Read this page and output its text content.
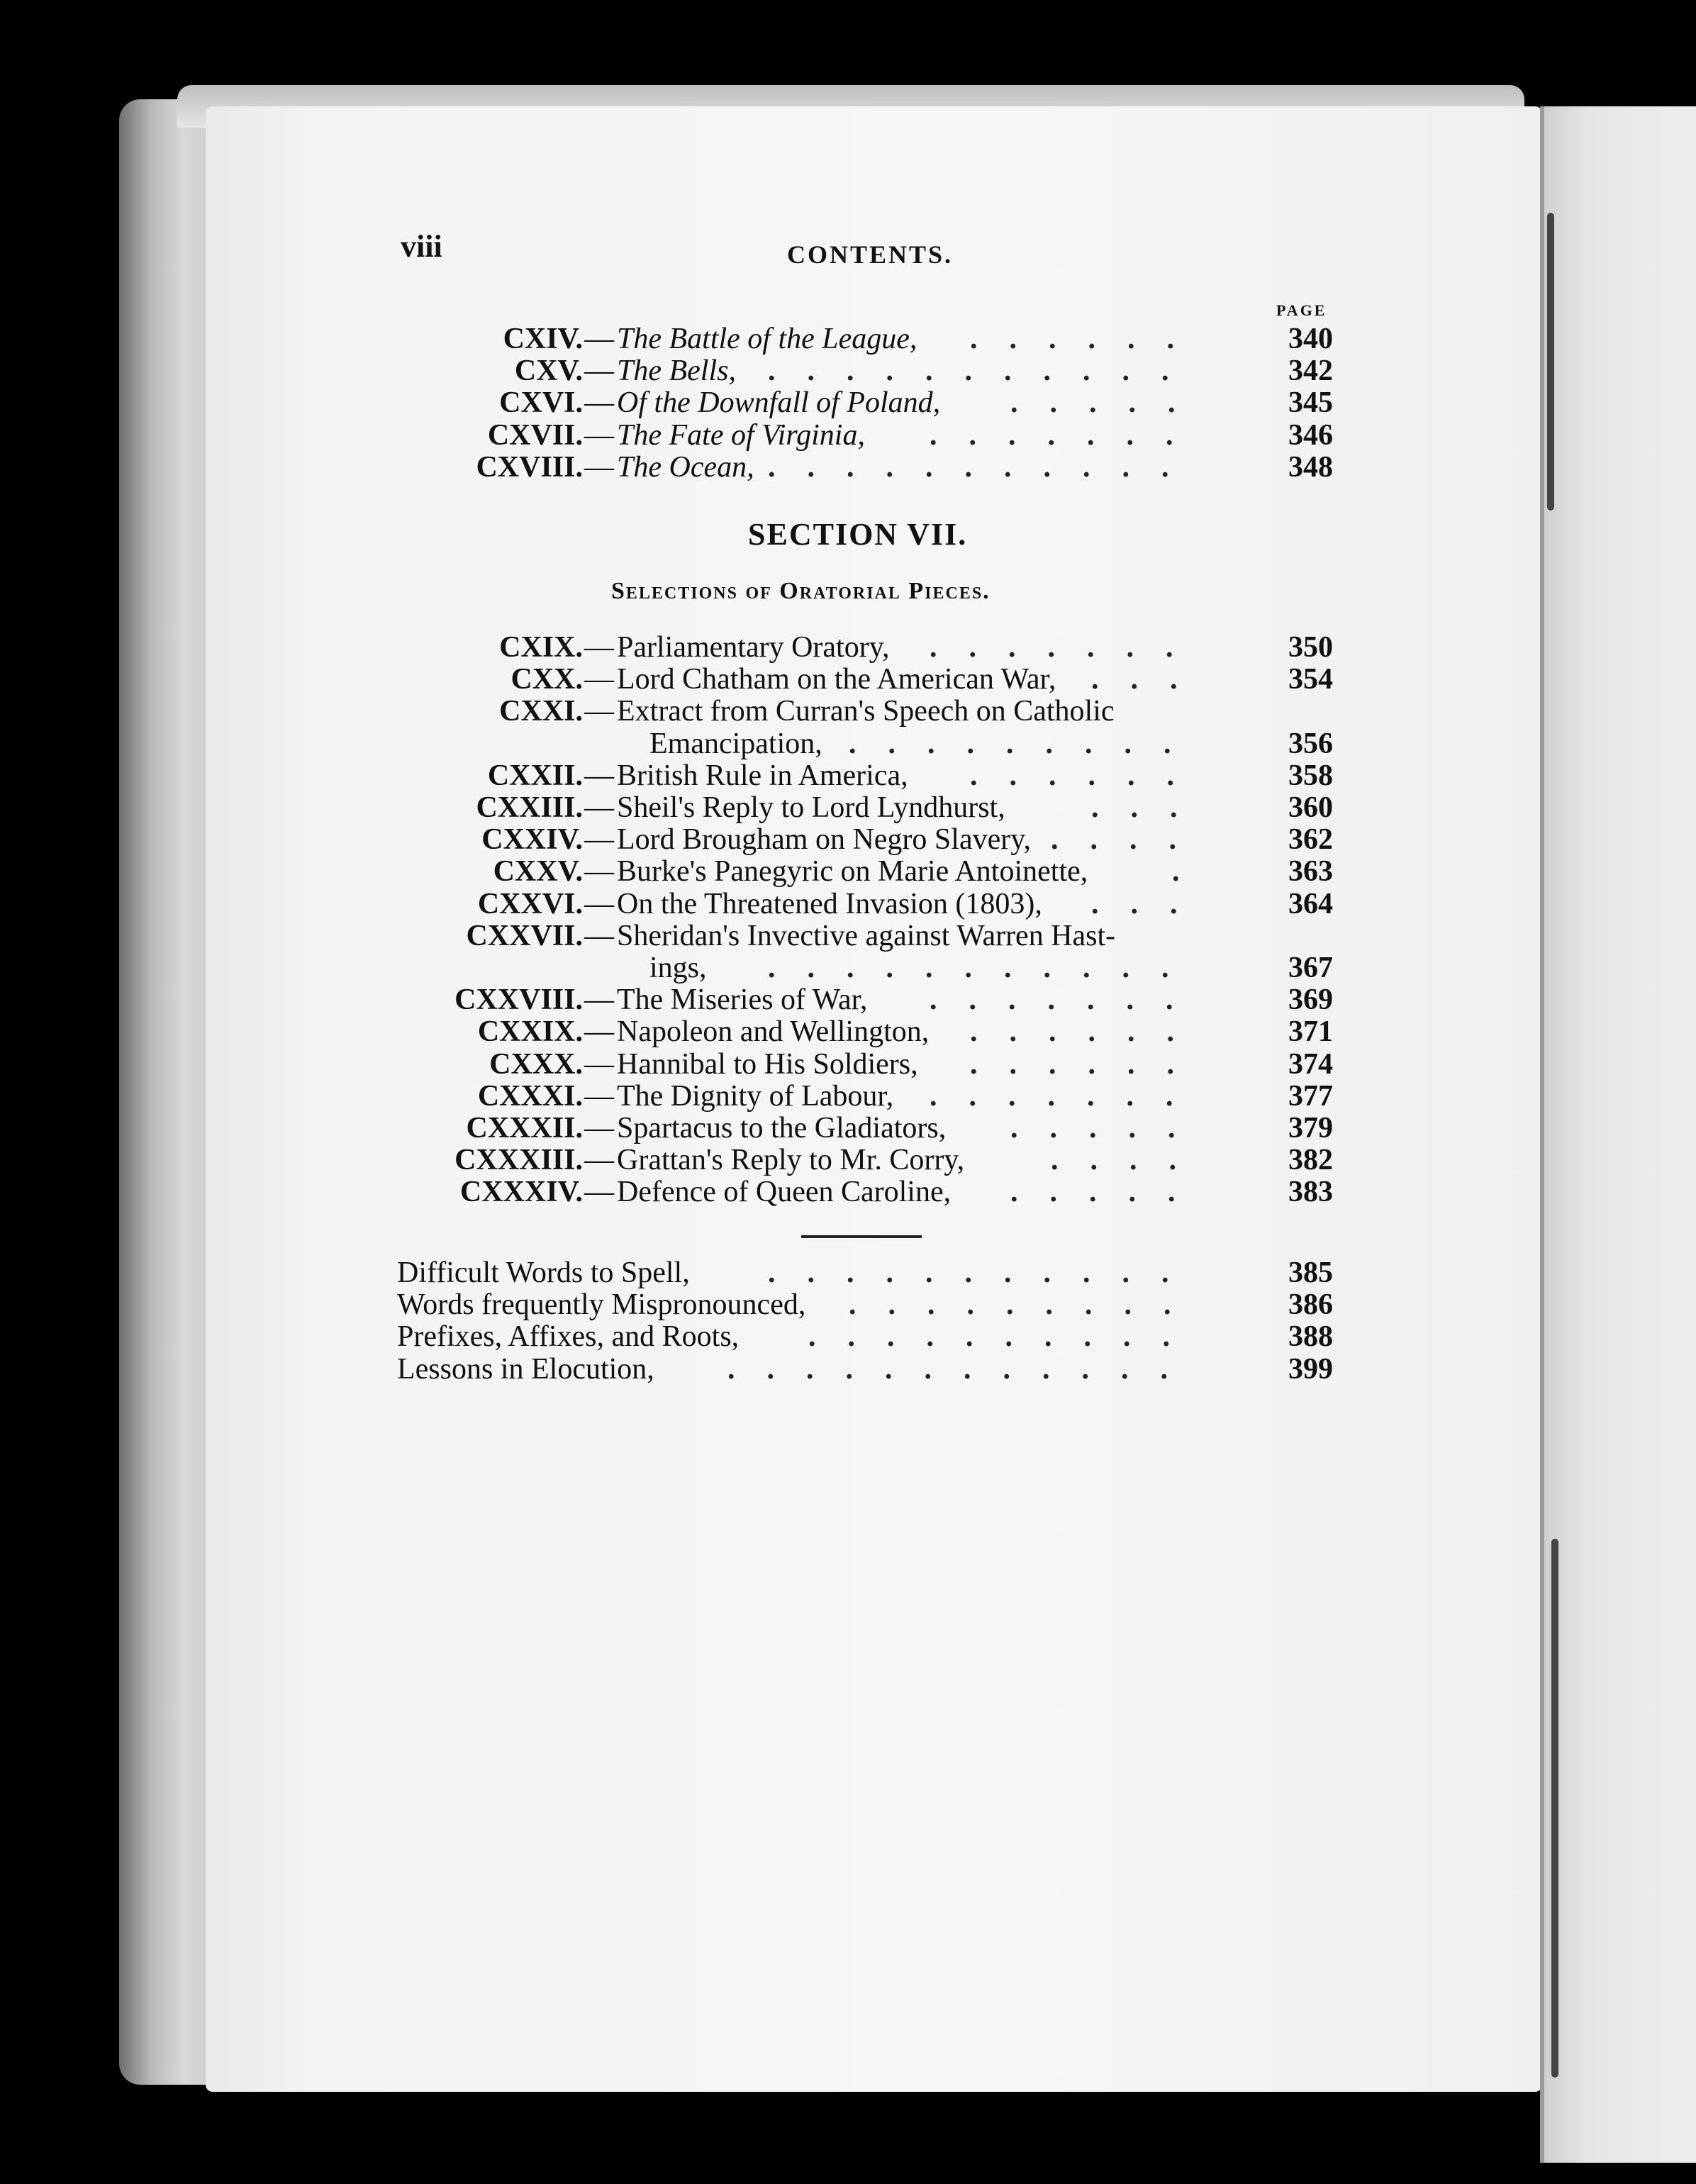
viii	CONTENTS.
PAGE
CXIV. — The Battle of the League,	340
......
CXV. — The Bells,	342
...........
CXVI. — Of the Downfall of Poland,	345
.....
CXVII. — The Fate of Virginia,	346
.......
CXVIII. — The Ocean,	348
...........
SECTION VII.
Selections of Oratorial Pieces.
CXIX. — Parliamentary Oratory,	350
.......
CXX. — Lord Chatham on the American War,	354
...
CXXI. — Extract from Curran's Speech on Catholic
Emancipation,	356
.........
CXXII. — British Rule in America,	358
......
CXXIII. — Sheil's Reply to Lord Lyndhurst,	360
...
CXXIV. — Lord Brougham on Negro Slavery,	362
....
CXXV. — Burke's Panegyric on Marie Antoinette,	363
.
CXXVI. — On the Threatened Invasion (1803),	364
...
CXXVII. — Sheridan's Invective against Warren Hast-
ings,	367
...........
CXXVIII. — The Miseries of War,	369
.......
CXXIX. — Napoleon and Wellington,	371
......
CXXX. — Hannibal to His Soldiers,	374
......
CXXXI. — The Dignity of Labour,	377
.......
CXXXII. — Spartacus to the Gladiators,	379
.....
CXXXIII. — Grattan's Reply to Mr. Corry,	382
....
CXXXIV. — Defence of Queen Caroline,	383
.....
Difficult Words to Spell,	...........	385
Words frequently Mispronounced, .........	386
Prefixes, Affixes, and Roots, ..........	388
Lessons in Elocution, ............	399
